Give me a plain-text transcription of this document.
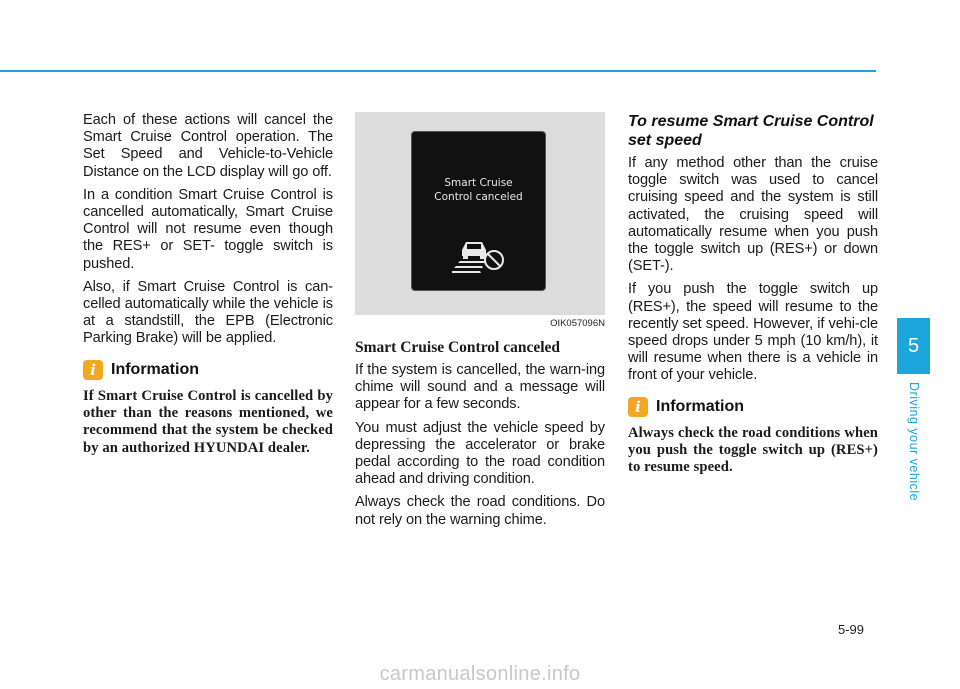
Each of these actions will cancel the Smart Cruise Control operation. The Set Speed and Vehicle-to-Vehicle Distance on the LCD display will go off.

In a condition Smart Cruise Control is cancelled automatically, Smart Cruise Control will not resume even though the RES+ or SET- toggle switch is pushed.

Also, if Smart Cruise Control is can-celled automatically while the vehicle is at a standstill, the EPB (Electronic Parking Brake) will be applied.

i Information

If Smart Cruise Control is cancelled by other than the reasons mentioned, we recommend that the system be checked by an authorized HYUNDAI dealer.

Smart Cruise
Control canceled

OIK057096N

Smart Cruise Control canceled

If the system is cancelled, the warn-ing chime will sound and a message will appear for a few seconds.

You must adjust the vehicle speed by depressing the accelerator or brake pedal according to the road condition ahead and driving condition.

Always check the road conditions. Do not rely on the warning chime.

To resume Smart Cruise Control set speed

If any method other than the cruise toggle switch was used to cancel cruising speed and the system is still activated, the cruising speed will automatically resume when you push the toggle switch up (RES+) or down (SET-).

If you push the toggle switch up (RES+), the speed will resume to the recently set speed. However, if vehi-cle speed drops under 5 mph (10 km/h), it will resume when there is a vehicle in front of your vehicle.

i Information

Always check the road conditions when you push the toggle switch up (RES+) to resume speed.

5
Driving your vehicle
5-99
carmanualsonline.info
